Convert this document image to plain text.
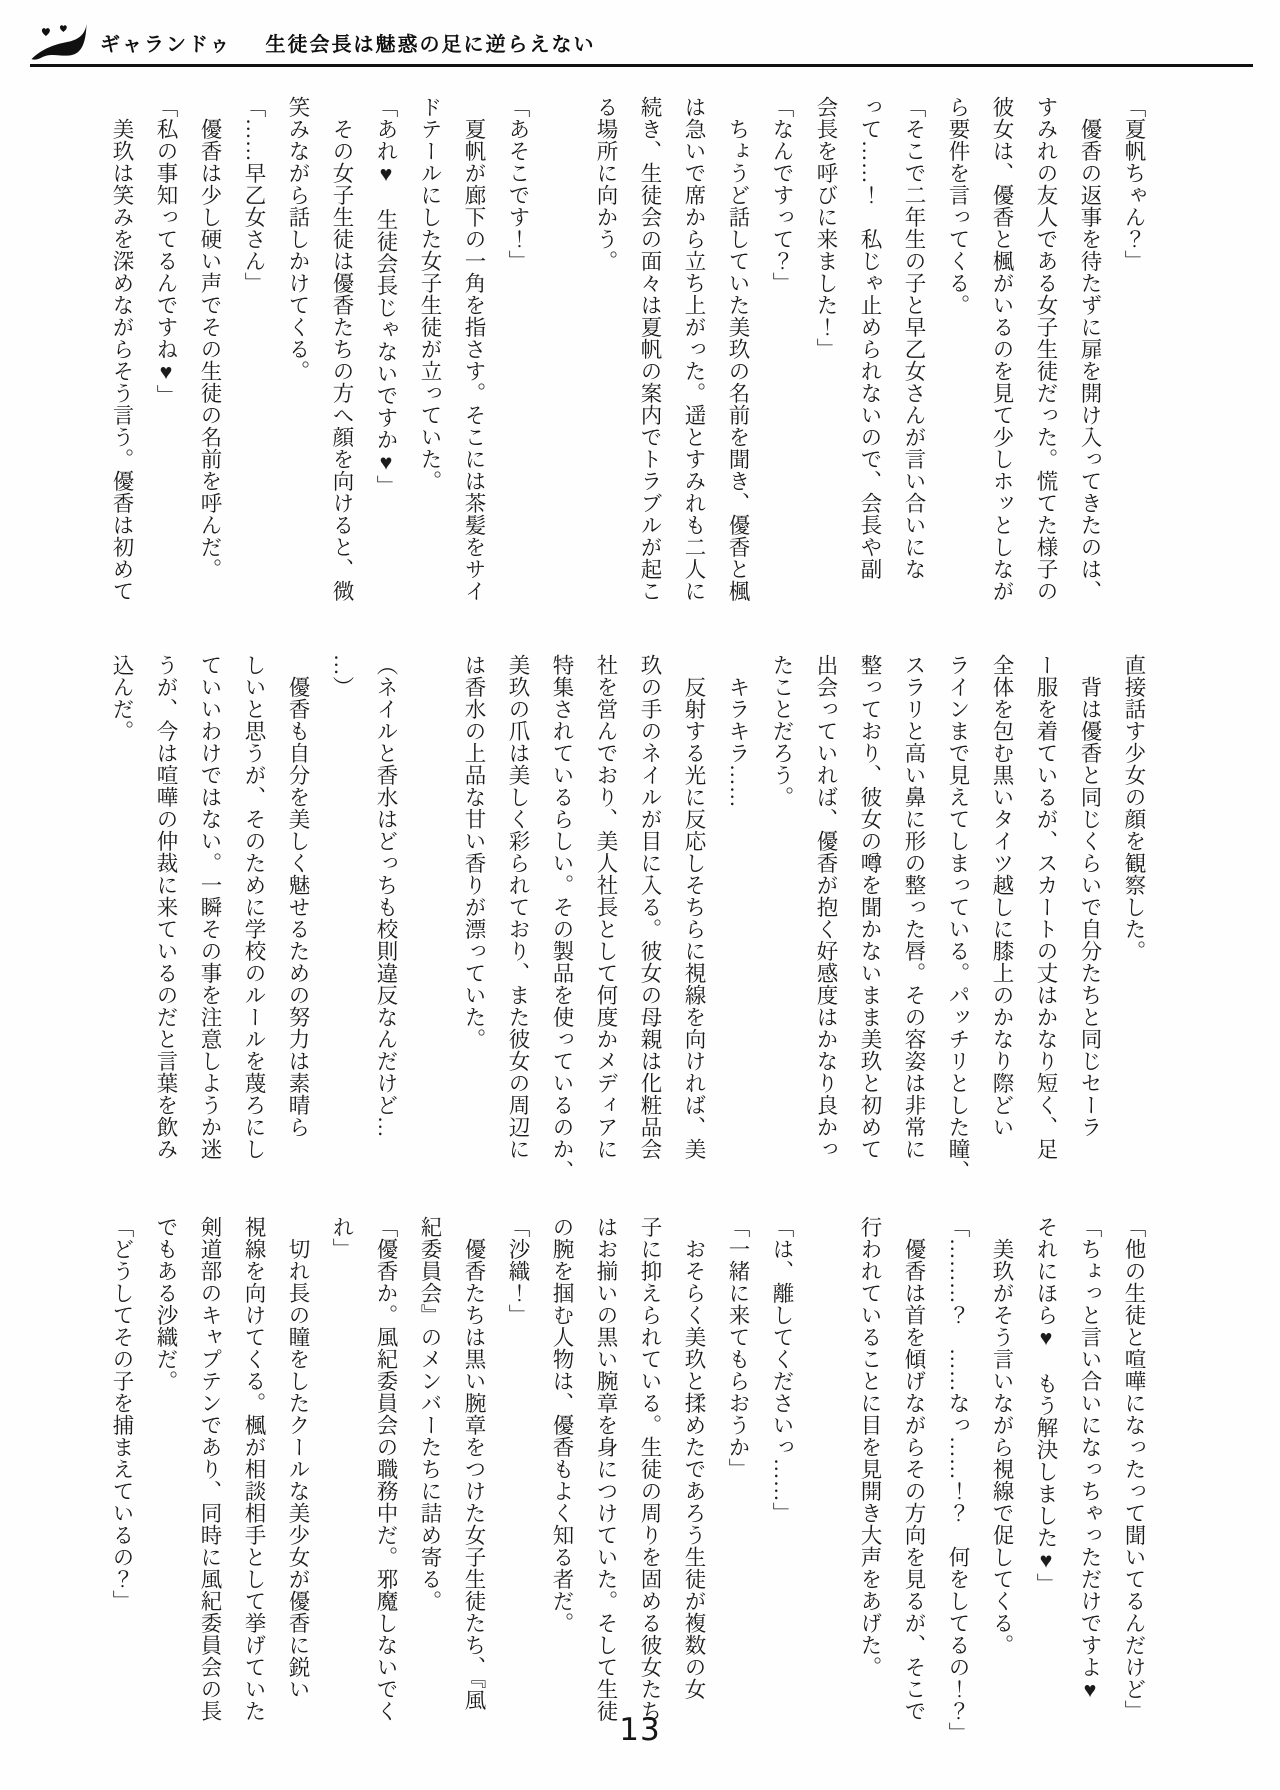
ギャランドゥ 生徒会長は魅惑の足に逆らえない
「夏帆ちゃん？」
　優香の返事を待たずに扉を開け入ってきたのは、
すみれの友人である女子生徒だった。慌てた様子の
彼女は、優香と楓がいるのを見て少しホッとしなが
ら要件を言ってくる。
「そこで二年生の子と早乙女さんが言い合いにな
って……！　私じゃ止められないので、会長や副
会長を呼びに来ました！」
「なんですって？」
　ちょうど話していた美玖の名前を聞き、優香と楓
は急いで席から立ち上がった。遥とすみれも二人に
続き、生徒会の面々は夏帆の案内でトラブルが起こ
る場所に向かう。
「あそこです！」
　夏帆が廊下の一角を指さす。そこには茶髪をサイ
ドテールにした女子生徒が立っていた。
「あれ♥　生徒会長じゃないですか♥」
　その女子生徒は優香たちの方へ顔を向けると、微
笑みながら話しかけてくる。
「……早乙女さん」
　優香は少し硬い声でその生徒の名前を呼んだ。
「私の事知ってるんですね♥」
　美玖は笑みを深めながらそう言う。優香は初めて
直接話す少女の顔を観察した。
　背は優香と同じくらいで自分たちと同じセーラ
ー服を着ているが、スカートの丈はかなり短く、足
全体を包む黒いタイツ越しに膝上のかなり際どい
ラインまで見えてしまっている。パッチリとした瞳、
スラリと高い鼻に形の整った唇。その容姿は非常に
整っており、彼女の噂を聞かないまま美玖と初めて
出会っていれば、優香が抱く好感度はかなり良かっ
たことだろう。
　キラキラ……
　反射する光に反応しそちらに視線を向ければ、美
玖の手のネイルが目に入る。彼女の母親は化粧品会
社を営んでおり、美人社長として何度かメディアに
特集されているらしい。その製品を使っているのか、
美玖の爪は美しく彩られており、また彼女の周辺に
は香水の上品な甘い香りが漂っていた。
（ネイルと香水はどっちも校則違反なんだけど…
…）
　優香も自分を美しく魅せるための努力は素晴ら
しいと思うが、そのために学校のルールを蔑ろにし
ていいわけではない。一瞬その事を注意しようか迷
うが、今は喧嘩の仲裁に来ているのだと言葉を飲み
込んだ。
「他の生徒と喧嘩になったって聞いてるんだけど」
「ちょっと言い合いになっちゃっただけですよ♥
それにほら♥　もう解決しました♥」
　美玖がそう言いながら視線で促してくる。
「………？　……なっ……！？　何をしてるの！？」
　優香は首を傾げながらその方向を見るが、そこで
行われていることに目を見開き大声をあげた。
「は、離してくださいっ……」
「一緒に来てもらおうか」
　おそらく美玖と揉めたであろう生徒が複数の女
子に抑えられている。生徒の周りを固める彼女たち
はお揃いの黒い腕章を身につけていた。そして生徒
の腕を掴む人物は、優香もよく知る者だ。
「沙織！」
　優香たちは黒い腕章をつけた女子生徒たち、『風
紀委員会』のメンバーたちに詰め寄る。
「優香か。風紀委員会の職務中だ。邪魔しないでく
れ」
　切れ長の瞳をしたクールな美少女が優香に鋭い
視線を向けてくる。楓が相談相手として挙げていた
剣道部のキャプテンであり、同時に風紀委員会の長
でもある沙織だ。
「どうしてその子を捕まえているの？」
13
